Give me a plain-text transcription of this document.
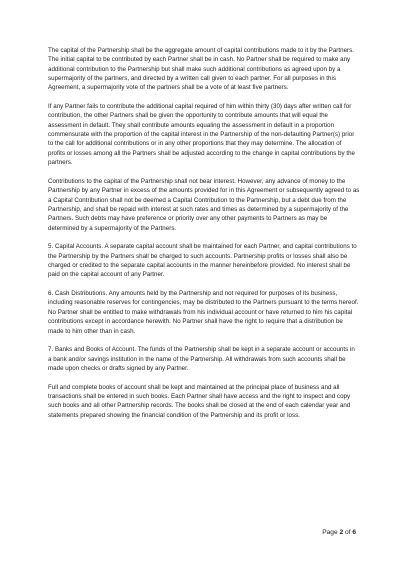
The capital of the Partnership shall be the aggregate amount of capital contributions made to it by the Partners. The initial capital to be contributed by each Partner shall be in cash. No Partner shall be required to make any additional contribution to the Partnership but shall make such additional contributions as agreed upon by a supermajority of the partners, and directed by a written call given to each partner. For all purposes in this Agreement, a supermajority vote of the partners shall be a vote of at least five partners.

If any Partner fails to contribute the additional capital required of him within thirty (30) days after written call for contribution, the other Partners shall be given the opportunity to contribute amounts that will equal the assessment in default. They shall contribute amounts equaling the assessment in default in a proportion commensurate with the proportion of the capital interest in the Partnership of the non-defaulting Partner(s) prior to the call for additional contributions or in any other proportions that they may determine. The allocation of profits or losses among all the Partners shall be adjusted according to the change in capital contributions by the partners.

Contributions to the capital of the Partnership shall not bear interest. However, any advance of money to the Partnership by any Partner in excess of the amounts provided for in this Agreement or subsequently agreed to as a Capital Contribution shall not be deemed a Capital Contribution to the Partnership, but a debt due from the Partnership, and shall be repaid with interest at such rates and times as determined by a supermajority of the Partners. Such debts may have preference or priority over any other payments to Partners as may be determined by a supermajority of the Partners.

5. Capital Accounts. A separate capital account shall be maintained for each Partner, and capital contributions to the Partnership by the Partners shall be charged to such accounts. Partnership profits or losses shall also be charged or credited to the separate capital accounts in the manner hereinbefore provided. No interest shall be paid on the capital account of any Partner.

6. Cash Distributions. Any amounts held by the Partnership and not required for purposes of its business, including reasonable reserves for contingencies, may be distributed to the Partners pursuant to the terms hereof. No Partner shall be entitled to make withdrawals from his individual account or have returned to him his capital contributions except in accordance herewith. No Partner shall have the right to require that a distribution be made to him other than in cash.

7. Banks and Books of Account. The funds of the Partnership shall be kept in a separate account or accounts in a bank and/or savings institution in the name of the Partnership. All withdrawals from such accounts shall be made upon checks or drafts signed by any Partner.

Full and complete books of account shall be kept and maintained at the principal place of business and all transactions shall be entered in such books. Each Partner shall have access and the right to inspect and copy such books and all other Partnership records. The books shall be closed at the end of each calendar year and statements prepared showing the financial condition of the Partnership and its profit or loss.

Page 2 of 6
